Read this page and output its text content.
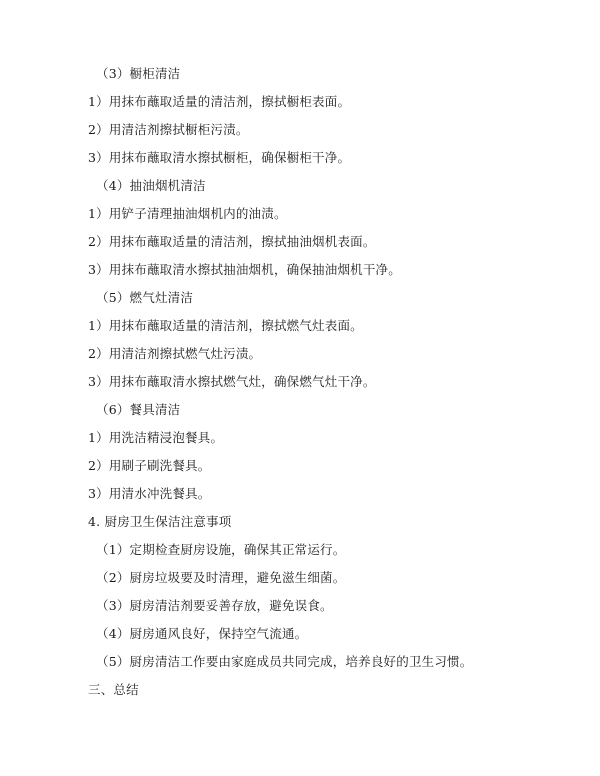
（3）橱柜清洁
1）用抹布蘸取适量的清洁剂，擦拭橱柜表面。
2）用清洁剂擦拭橱柜污渍。
3）用抹布蘸取清水擦拭橱柜，确保橱柜干净。
（4）抽油烟机清洁
1）用铲子清理抽油烟机内的油渍。
2）用抹布蘸取适量的清洁剂，擦拭抽油烟机表面。
3）用抹布蘸取清水擦拭抽油烟机，确保抽油烟机干净。
（5）燃气灶清洁
1）用抹布蘸取适量的清洁剂，擦拭燃气灶表面。
2）用清洁剂擦拭燃气灶污渍。
3）用抹布蘸取清水擦拭燃气灶，确保燃气灶干净。
（6）餐具清洁
1）用洗洁精浸泡餐具。
2）用刷子刷洗餐具。
3）用清水冲洗餐具。
4. 厨房卫生保洁注意事项
（1）定期检查厨房设施，确保其正常运行。
（2）厨房垃圾要及时清理，避免滋生细菌。
（3）厨房清洁剂要妥善存放，避免误食。
（4）厨房通风良好，保持空气流通。
（5）厨房清洁工作要由家庭成员共同完成，培养良好的卫生习惯。
三、总结
